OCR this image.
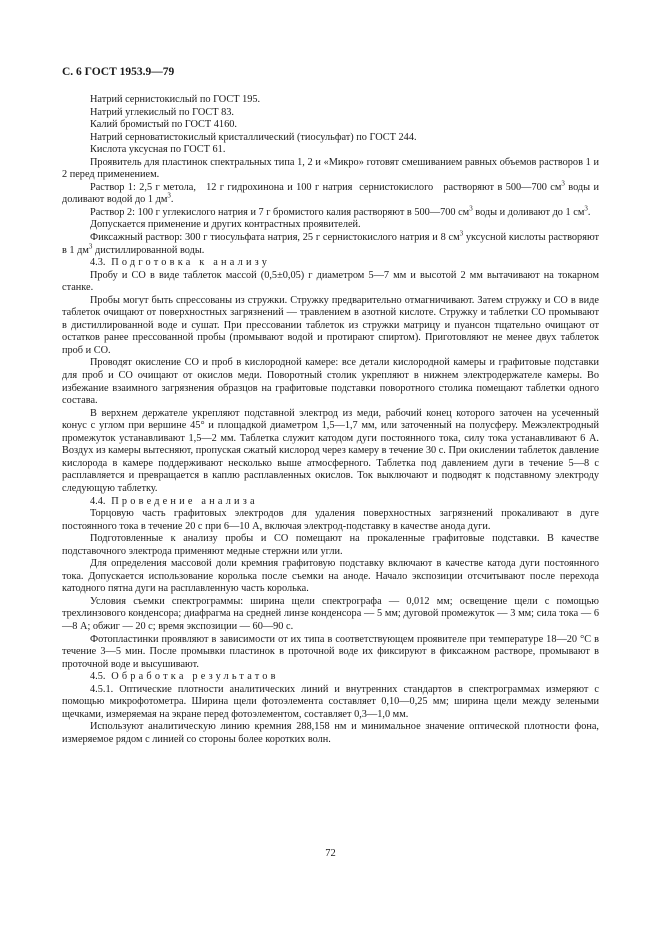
С. 6 ГОСТ 1953.9—79

Натрий сернистокислый по ГОСТ 195.

Натрий углекислый по ГОСТ 83.

Калий бромистый по ГОСТ 4160.

Натрий серноватистокислый кристаллический (тиосульфат) по ГОСТ 244.

Кислота уксусная по ГОСТ 61.

Проявитель для пластинок спектральных типа 1, 2 и «Микро» готовят смешиванием равных объемов растворов 1 и 2 перед применением.

Раствор 1: 2,5 г метола,   12 г гидрохинона и 100 г натрия  сернистокислого   растворяют в 500—700 $см^3$ воды и доливают водой до 1 $дм^3$.

Раствор 2: 100 г углекислого натрия и 7 г бромистого калия растворяют в 500—700 $см^3$ воды и доливают до 1 $см^3$.

Допускается применение и других контрастных проявителей.

Фиксажный раствор: 300 г тиосульфата натрия, 25 г сернистокислого натрия и 8 $см^3$ уксусной кислоты растворяют в 1 $дм^3$ дистиллированной воды.

4.3. Подготовка к анализу

Пробу и СО в виде таблеток массой (0,5±0,05) г диаметром 5—7 мм и высотой 2 мм вытачивают на токарном станке.

Пробы могут быть спрессованы из стружки. Стружку предварительно отмагничивают. Затем стружку и СО в виде таблеток очищают от поверхностных загрязнений — травлением в азотной кислоте. Стружку и таблетки СО промывают в дистиллированной воде и сушат. При прессовании таблеток из стружки матрицу и пуансон тщательно очищают от остатков ранее прессованной пробы (промывают водой и протирают спиртом). Приготовляют не менее двух таблеток проб и СО.

Проводят окисление СО и проб в кислородной камере: все детали кислородной камеры и графитовые подставки для проб и СО очищают от окислов меди. Поворотный столик укрепляют в нижнем электродержателе камеры. Во избежание взаимного загрязнения образцов на графитовые подставки поворотного столика помещают таблетки одного состава.

В верхнем держателе укрепляют подставной электрод из меди, рабочий конец которого заточен на усеченный конус с углом при вершине 45° и площадкой диаметром 1,5—1,7 мм, или заточенный на полусферу. Межэлектродный промежуток устанавливают 1,5—2 мм. Таблетка служит катодом дуги постоянного тока, силу тока устанавливают 6 А. Воздух из камеры вытесняют, пропуская сжатый кислород через камеру в течение 30 с. При окислении таблеток давление кислорода в камере поддерживают несколько выше атмосферного. Таблетка под давлением дуги в течение 5—8 с расплавляется и превращается в каплю расплавленных окислов. Ток выключают и подводят к подставному электроду следующую таблетку.

4.4. Проведение анализа

Торцовую часть графитовых электродов для удаления поверхностных загрязнений прокаливают в дуге постоянного тока в течение 20 с при 6—10 А, включая электрод-подставку в качестве анода дуги.

Подготовленные к анализу пробы и СО помещают на прокаленные графитовые подставки. В качестве подставочного электрода применяют медные стержни или угли.

Для определения массовой доли кремния графитовую подставку включают в качестве катода дуги постоянного тока. Допускается использование королька после съемки на аноде. Начало экспозиции отсчитывают после перехода катодного пятна дуги на расплавленную часть королька.

Условия съемки спектрограммы: ширина щели спектрографа — 0,012 мм; освещение щели с помощью трехлинзового конденсора; диафрагма на средней линзе конденсора — 5 мм; дуговой промежуток — 3 мм; сила тока — 6—8 А; обжиг — 20 с; время экспозиции — 60—90 с.

Фотопластинки проявляют в зависимости от их типа в соответствующем проявителе при температуре 18—20 °С в течение 3—5 мин. После промывки пластинок в проточной воде их фиксируют в фиксажном растворе, промывают в проточной воде и высушивают.

4.5. Обработка результатов

4.5.1. Оптические плотности аналитических линий и внутренних стандартов в спектрограммах измеряют с помощью микрофотометра. Ширина щели фотоэлемента составляет 0,10—0,25 мм; ширина щели между зелеными щечками, измеряемая на экране перед фотоэлементом, составляет 0,3—1,0 мм.

Используют аналитическую линию кремния 288,158 нм и минимальное значение оптической плотности фона, измеряемое рядом с линией со стороны более коротких волн.

72
